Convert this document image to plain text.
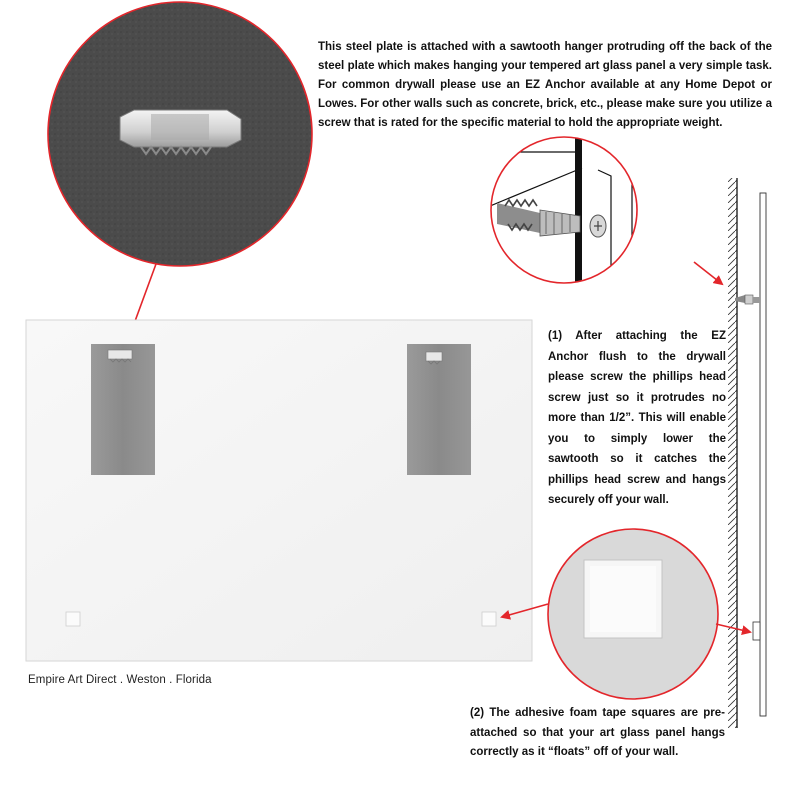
This steel plate is attached with a sawtooth hanger protruding off the back of the steel plate which makes hanging your tempered art glass panel a very simple task. For common drywall please use an EZ Anchor available at any Home Depot or Lowes. For other walls such as concrete, brick, etc., please make sure you utilize a screw that is rated for the specific material to hold the appropriate weight.
(1) After attaching the EZ Anchor flush to the drywall please screw the phillips head screw just so it protrudes no more than 1/2”. This will enable you to simply lower the sawtooth so it catches the phillips head screw and hangs securely off your wall.
(2) The adhesive foam tape squares are pre-attached so that your art glass panel hangs correctly as it “floats” off of your wall.
Empire Art Direct . Weston . Florida
